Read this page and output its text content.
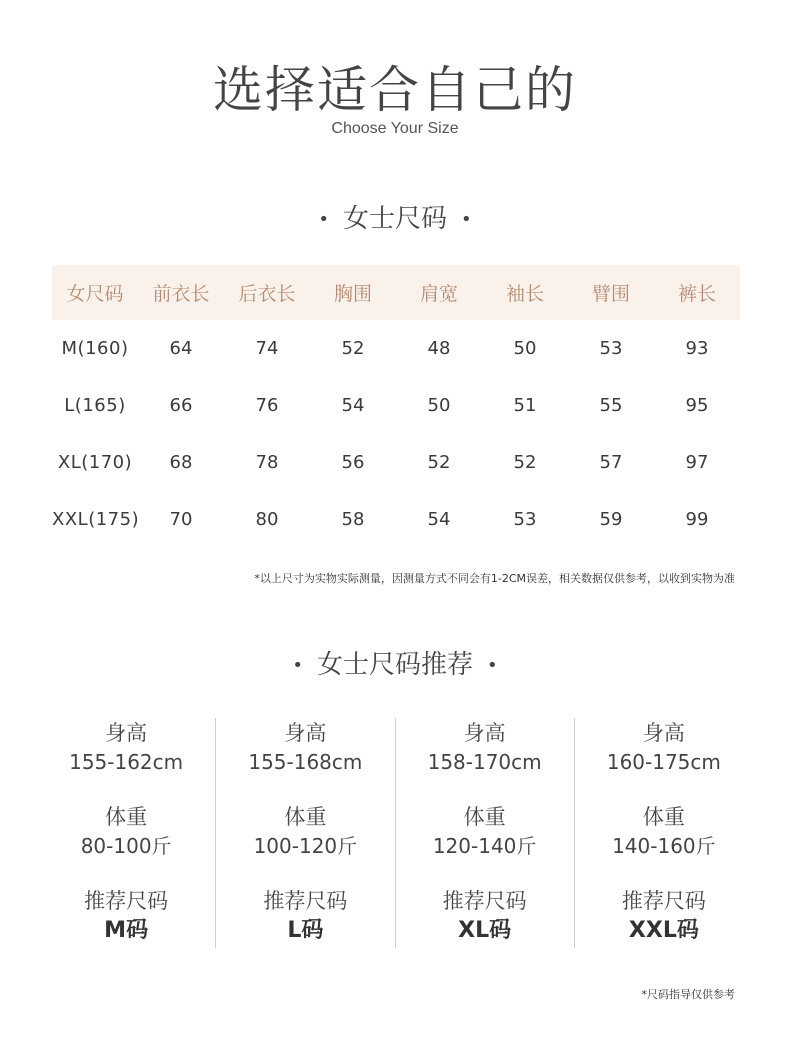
选择适合自己的
Choose Your Size
• 女士尺码 •
女尺码	前衣长	后衣长	胸围	肩宽	袖长	臂围	裤长
M(160)	64	74	52	48	50	53	93
L(165)	66	76	54	50	51	55	95
XL(170)	68	78	56	52	52	57	97
XXL(175)	70	80	58	54	53	59	99
*以上尺寸为实物实际测量，因测量方式不同会有1-2CM误差，相关数据仅供参考，以收到实物为准
• 女士尺码推荐 •
身高
155-162cm
体重
80-100斤
推荐尺码
M码
身高
155-168cm
体重
100-120斤
推荐尺码
L码
身高
158-170cm
体重
120-140斤
推荐尺码
XL码
身高
160-175cm
体重
140-160斤
推荐尺码
XXL码
*尺码指导仅供参考
